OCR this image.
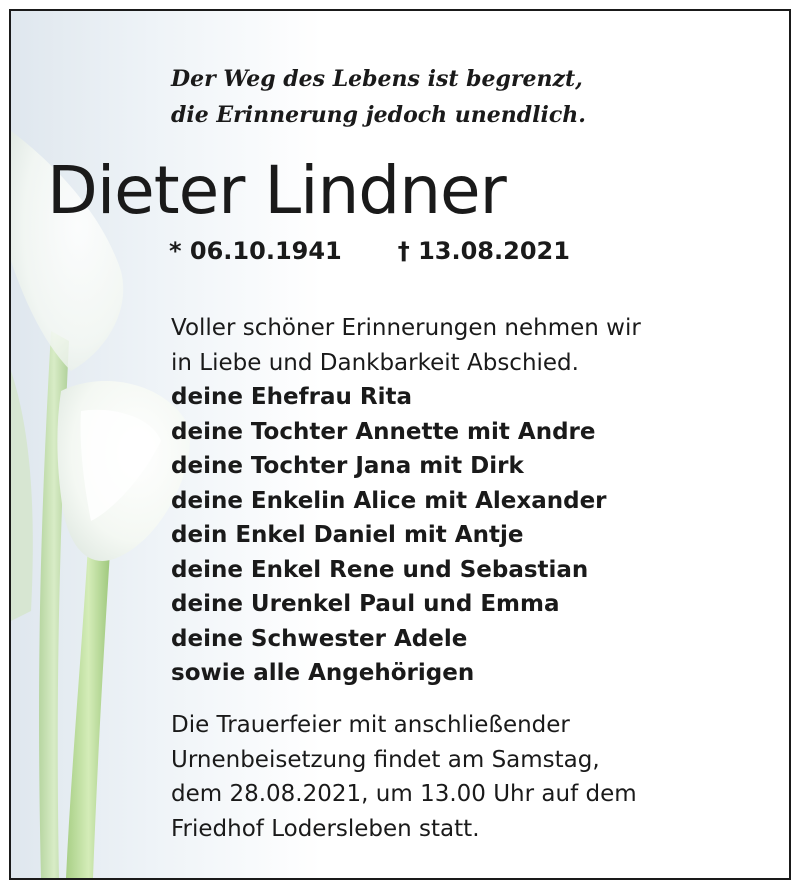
Der Weg des Lebens ist begrenzt,
die Erinnerung jedoch unendlich.
Dieter Lindner
* 06.10.1941 † 13.08.2021
Voller schöner Erinnerungen nehmen wir
in Liebe und Dankbarkeit Abschied.
deine Ehefrau Rita
deine Tochter Annette mit Andre
deine Tochter Jana mit Dirk
deine Enkelin Alice mit Alexander
dein Enkel Daniel mit Antje
deine Enkel Rene und Sebastian
deine Urenkel Paul und Emma
deine Schwester Adele
sowie alle Angehörigen
Die Trauerfeier mit anschließender
Urnenbeisetzung findet am Samstag,
dem 28.08.2021, um 13.00 Uhr auf dem
Friedhof Lodersleben statt.
